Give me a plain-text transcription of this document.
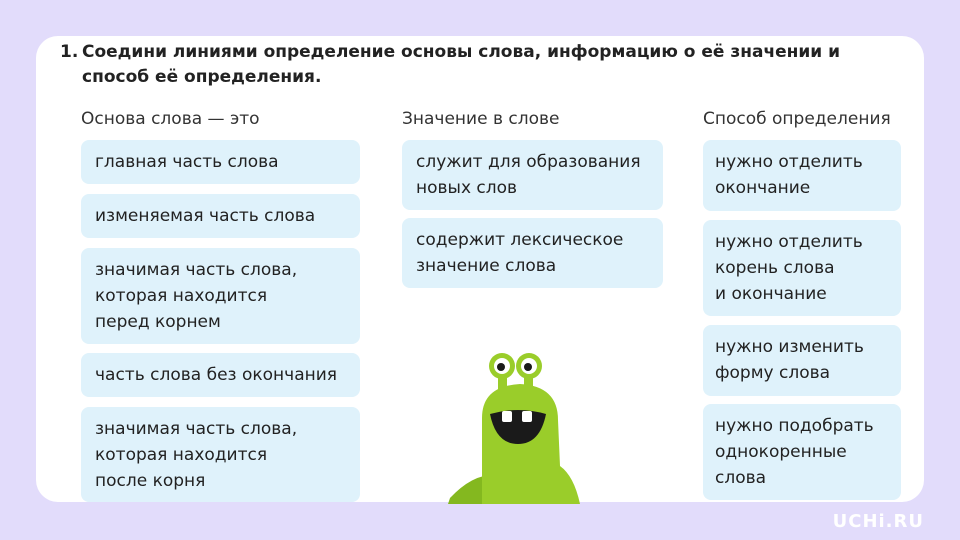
1. Соедини линиями определение основы слова, информацию о её значении и способ её определения.
Основа слова — это	Значение в слове	Способ определения
главная часть слова
изменяемая часть слова
значимая часть слова,
которая находится
перед корнем
часть слова без окончания
значимая часть слова,
которая находится
после корня
служит для образования
новых слов
содержит лексическое
значение слова
нужно отделить
окончание
нужно отделить
корень слова
и окончание
нужно изменить
форму слова
нужно подобрать
однокоренные
слова
UCHi.RU
